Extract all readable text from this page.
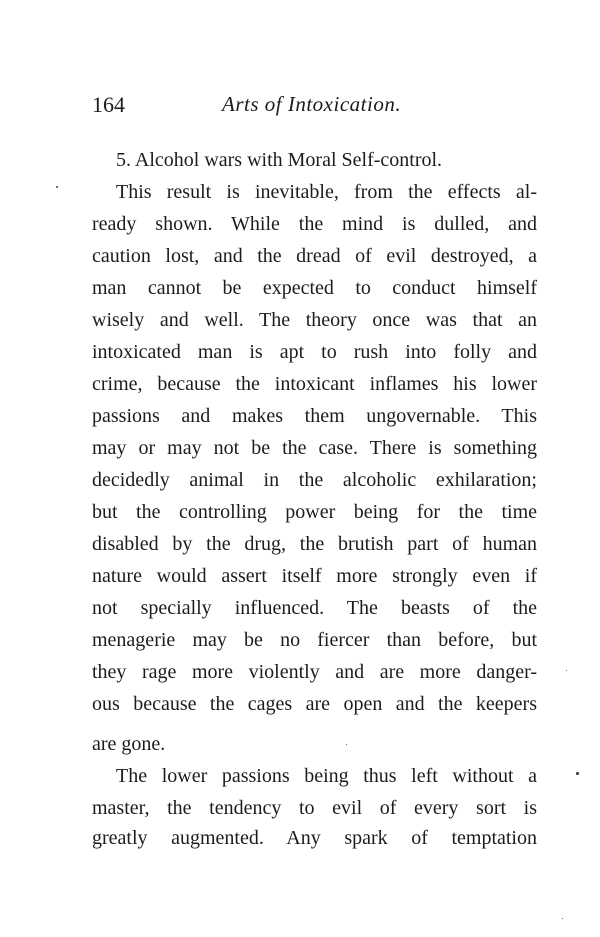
164	Arts of Intoxication.
5. Alcohol wars with Moral Self-control.
This result is inevitable, from the effects al-
ready shown. While the mind is dulled, and
caution lost, and the dread of evil destroyed, a
man cannot be expected to conduct himself
wisely and well. The theory once was that an
intoxicated man is apt to rush into folly and
crime, because the intoxicant inflames his lower
passions and makes them ungovernable. This
may or may not be the case. There is something
decidedly animal in the alcoholic exhilaration;
but the controlling power being for the time
disabled by the drug, the brutish part of human
nature would assert itself more strongly even if
not specially influenced. The beasts of the
menagerie may be no fiercer than before, but
they rage more violently and are more danger-
ous because the cages are open and the keepers
are gone.
The lower passions being thus left without a
master, the tendency to evil of every sort is
greatly augmented. Any spark of temptation
